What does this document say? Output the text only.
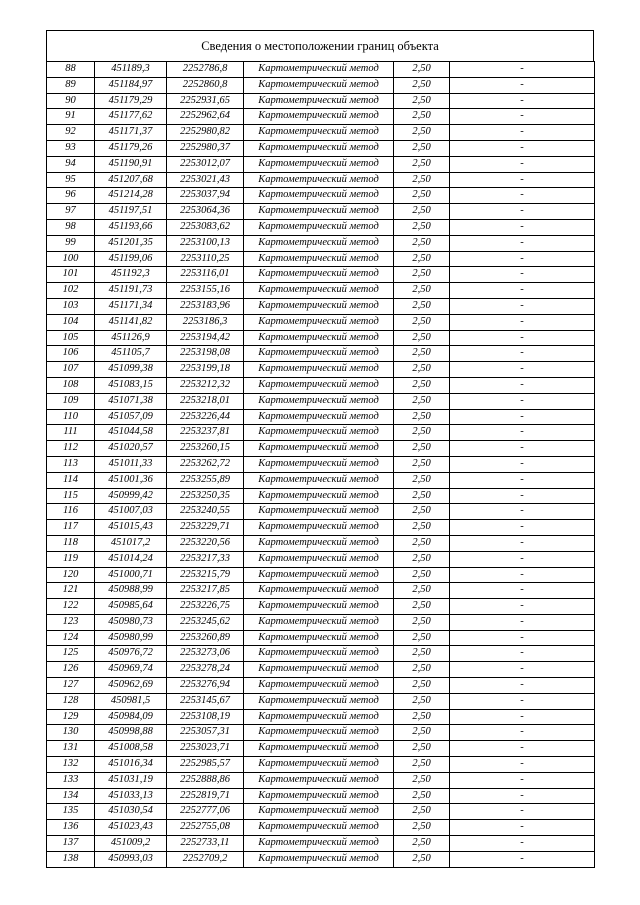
Сведения о местоположении границ объекта
88	451189,3	2252786,8	Картометрический метод	2,50	-
89	451184,97	2252860,8	Картометрический метод	2,50	-
90	451179,29	2252931,65	Картометрический метод	2,50	-
91	451177,62	2252962,64	Картометрический метод	2,50	-
92	451171,37	2252980,82	Картометрический метод	2,50	-
93	451179,26	2252980,37	Картометрический метод	2,50	-
94	451190,91	2253012,07	Картометрический метод	2,50	-
95	451207,68	2253021,43	Картометрический метод	2,50	-
96	451214,28	2253037,94	Картометрический метод	2,50	-
97	451197,51	2253064,36	Картометрический метод	2,50	-
98	451193,66	2253083,62	Картометрический метод	2,50	-
99	451201,35	2253100,13	Картометрический метод	2,50	-
100	451199,06	2253110,25	Картометрический метод	2,50	-
101	451192,3	2253116,01	Картометрический метод	2,50	-
102	451191,73	2253155,16	Картометрический метод	2,50	-
103	451171,34	2253183,96	Картометрический метод	2,50	-
104	451141,82	2253186,3	Картометрический метод	2,50	-
105	451126,9	2253194,42	Картометрический метод	2,50	-
106	451105,7	2253198,08	Картометрический метод	2,50	-
107	451099,38	2253199,18	Картометрический метод	2,50	-
108	451083,15	2253212,32	Картометрический метод	2,50	-
109	451071,38	2253218,01	Картометрический метод	2,50	-
110	451057,09	2253226,44	Картометрический метод	2,50	-
111	451044,58	2253237,81	Картометрический метод	2,50	-
112	451020,57	2253260,15	Картометрический метод	2,50	-
113	451011,33	2253262,72	Картометрический метод	2,50	-
114	451001,36	2253255,89	Картометрический метод	2,50	-
115	450999,42	2253250,35	Картометрический метод	2,50	-
116	451007,03	2253240,55	Картометрический метод	2,50	-
117	451015,43	2253229,71	Картометрический метод	2,50	-
118	451017,2	2253220,56	Картометрический метод	2,50	-
119	451014,24	2253217,33	Картометрический метод	2,50	-
120	451000,71	2253215,79	Картометрический метод	2,50	-
121	450988,99	2253217,85	Картометрический метод	2,50	-
122	450985,64	2253226,75	Картометрический метод	2,50	-
123	450980,73	2253245,62	Картометрический метод	2,50	-
124	450980,99	2253260,89	Картометрический метод	2,50	-
125	450976,72	2253273,06	Картометрический метод	2,50	-
126	450969,74	2253278,24	Картометрический метод	2,50	-
127	450962,69	2253276,94	Картометрический метод	2,50	-
128	450981,5	2253145,67	Картометрический метод	2,50	-
129	450984,09	2253108,19	Картометрический метод	2,50	-
130	450998,88	2253057,31	Картометрический метод	2,50	-
131	451008,58	2253023,71	Картометрический метод	2,50	-
132	451016,34	2252985,57	Картометрический метод	2,50	-
133	451031,19	2252888,86	Картометрический метод	2,50	-
134	451033,13	2252819,71	Картометрический метод	2,50	-
135	451030,54	2252777,06	Картометрический метод	2,50	-
136	451023,43	2252755,08	Картометрический метод	2,50	-
137	451009,2	2252733,11	Картометрический метод	2,50	-
138	450993,03	2252709,2	Картометрический метод	2,50	-
